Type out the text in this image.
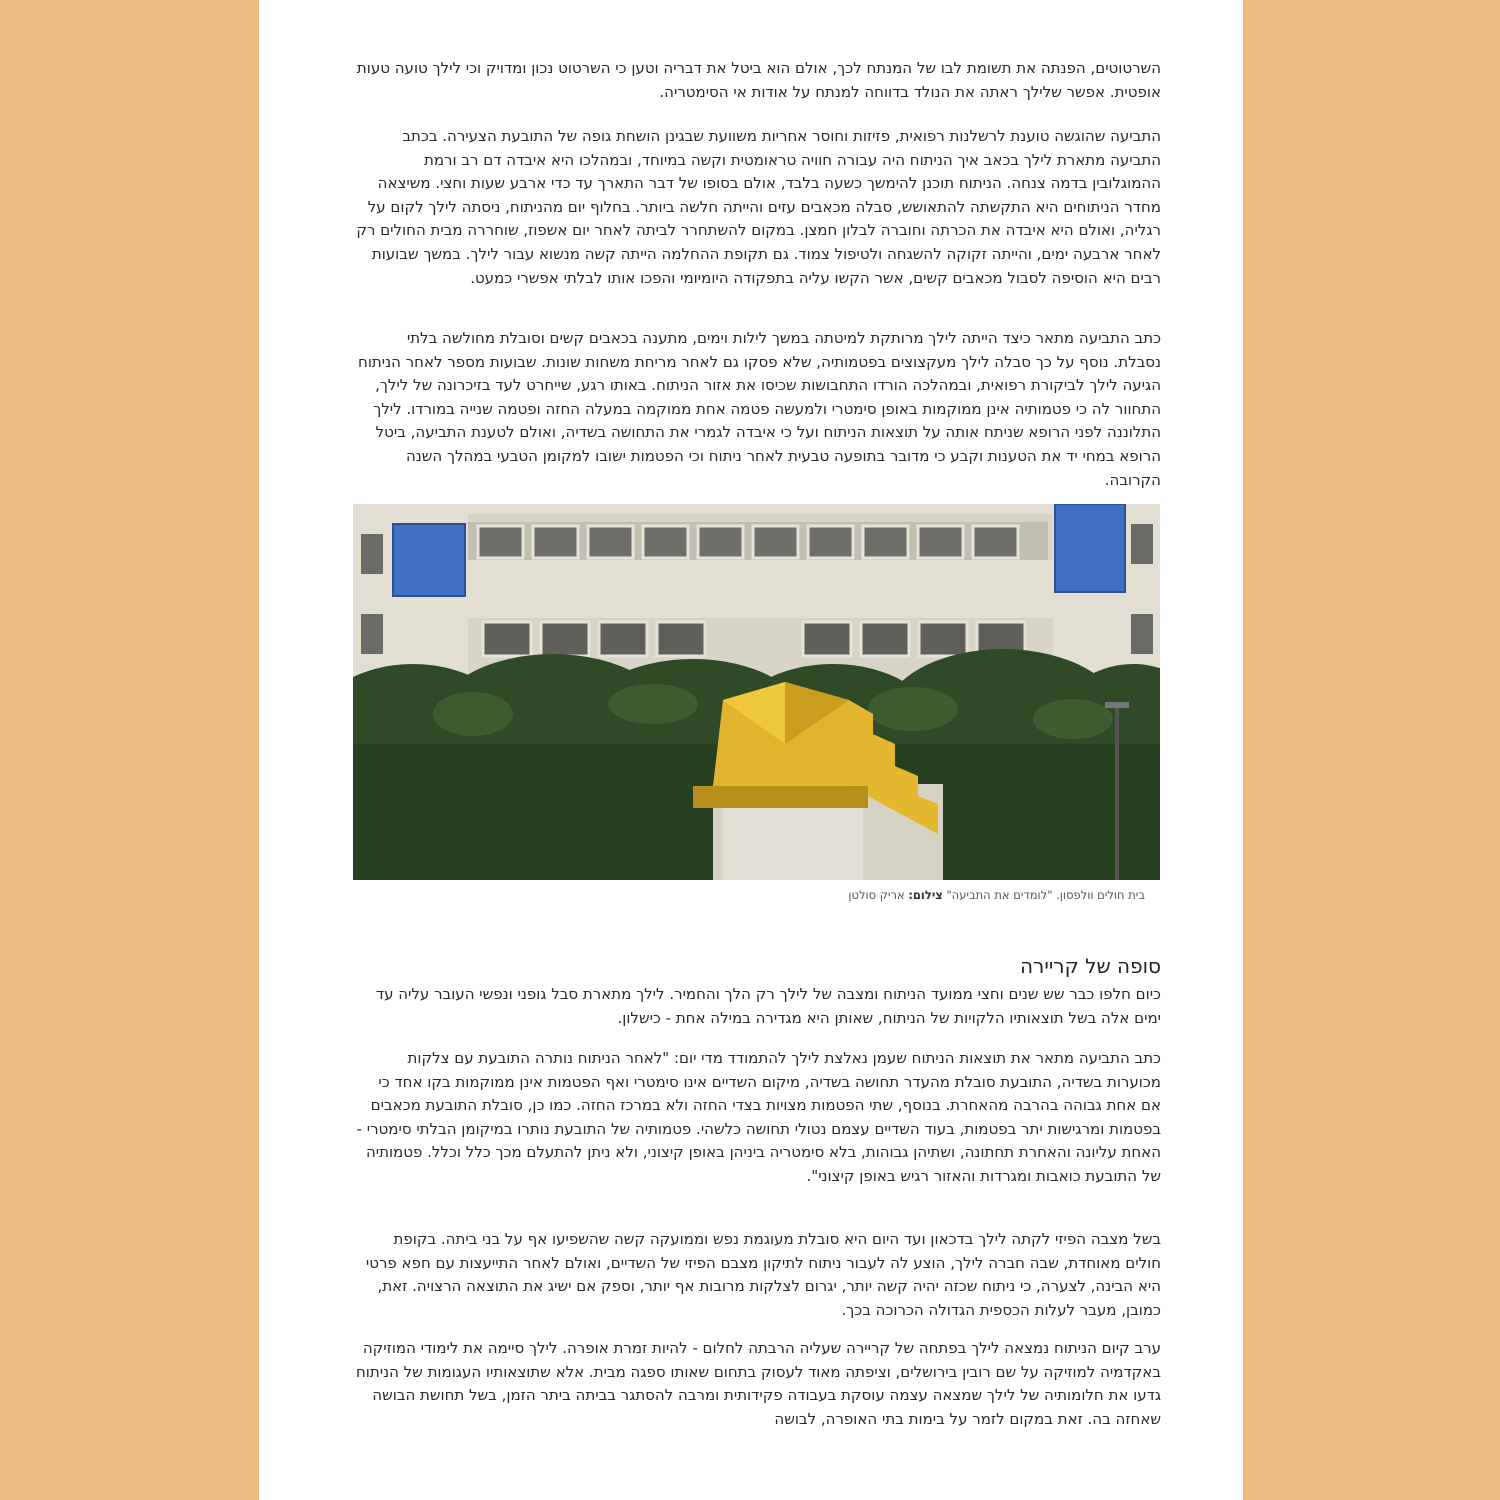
השרטוטים, הפנתה את תשומת לבו של המנתח לכך, אולם הוא ביטל את דבריה וטען כי השרטוט נכון ומדויק וכי לילך טועה טעות אופטית. אפשר שלילך ראתה את הנולד בדווחה למנתח על אודות אי הסימטריה.

התביעה שהוגשה טוענת לרשלנות רפואית, פזיזות וחוסר אחריות משוועת שבגינן הושחת גופה של התובעת הצעירה. בכתב התביעה מתארת לילך בכאב איך הניתוח היה עבורה חוויה טראומטית וקשה במיוחד, ובמהלכו היא איבדה דם רב ורמת ההמוגלובין בדמה צנחה. הניתוח תוכנן להימשך כשעה בלבד, אולם בסופו של דבר התארך עד כדי ארבע שעות וחצי. משיצאה מחדר הניתוחים היא התקשתה להתאושש, סבלה מכאבים עזים והייתה חלשה ביותר. בחלוף יום מהניתוח, ניסתה לילך לקום על רגליה, ואולם היא איבדה את הכרתה וחוברה לבלון חמצן. במקום להשתחרר לביתה לאחר יום אשפוז, שוחררה מבית החולים רק לאחר ארבעה ימים, והייתה זקוקה להשגחה ולטיפול צמוד. גם תקופת ההחלמה הייתה קשה מנשוא עבור לילך. במשך שבועות רבים היא הוסיפה לסבול מכאבים קשים, אשר הקשו עליה בתפקודה היומיומי והפכו אותו לבלתי אפשרי כמעט.

כתב התביעה מתאר כיצד הייתה לילך מרותקת למיטתה במשך לילות וימים, מתענה בכאבים קשים וסובלת מחולשה בלתי נסבלת. נוסף על כך סבלה לילך מעקצוצים בפטמותיה, שלא פסקו גם לאחר מריחת משחות שונות. שבועות מספר לאחר הניתוח הגיעה לילך לביקורת רפואית, ובמהלכה הורדו התחבושות שכיסו את אזור הניתוח. באותו רגע, שייחרט לעד בזיכרונה של לילך, התחוור לה כי פטמותיה אינן ממוקמות באופן סימטרי ולמעשה פטמה אחת ממוקמה במעלה החזה ופטמה שנייה במורדו. לילך התלוננה לפני הרופא שניתח אותה על תוצאות הניתוח ועל כי איבדה לגמרי את התחושה בשדיה, ואולם לטענת התביעה, ביטל הרופא במחי יד את הטענות וקבע כי מדובר בתופעה טבעית לאחר ניתוח וכי הפטמות ישובו למקומן הטבעי במהלך השנה הקרובה.

בית חולים וולפסון. "לומדים את התביעה" צילום: אריק סולטן

סופה של קריירה

כיום חלפו כבר שש שנים וחצי ממועד הניתוח ומצבה של לילך רק הלך והחמיר. לילך מתארת סבל גופני ונפשי העובר עליה עד ימים אלה בשל תוצאותיו הלקויות של הניתוח, שאותן היא מגדירה במילה אחת - כישלון.

כתב התביעה מתאר את תוצאות הניתוח שעמן נאלצת לילך להתמודד מדי יום: "לאחר הניתוח נותרה התובעת עם צלקות מכוערות בשדיה, התובעת סובלת מהעדר תחושה בשדיה, מיקום השדיים אינו סימטרי ואף הפטמות אינן ממוקמות בקו אחד כי אם אחת גבוהה בהרבה מהאחרת. בנוסף, שתי הפטמות מצויות בצדי החזה ולא במרכז החזה. כמו כן, סובלת התובעת מכאבים בפטמות ומרגישות יתר בפטמות, בעוד השדיים עצמם נטולי תחושה כלשהי. פטמותיה של התובעת נותרו במיקומן הבלתי סימטרי - האחת עליונה והאחרת תחתונה, ושתיהן גבוהות, בלא סימטריה ביניהן באופן קיצוני, ולא ניתן להתעלם מכך כלל וכלל. פטמותיה של התובעת כואבות ומגרדות והאזור רגיש באופן קיצוני".

בשל מצבה הפיזי לקתה לילך בדכאון ועד היום היא סובלת מעוגמת נפש וממועקה קשה שהשפיעו אף על בני ביתה. בקופת חולים מאוחדת, שבה חברה לילך, הוצע לה לעבור ניתוח לתיקון מצבם הפיזי של השדיים, ואולם לאחר התייעצות עם חפא פרטי היא הבינה, לצערה, כי ניתוח שכזה יהיה קשה יותר, יגרום לצלקות מרובות אף יותר, וספק אם ישיג את התוצאה הרצויה. זאת, כמובן, מעבר לעלות הכספית הגדולה הכרוכה בכך.

ערב קיום הניתוח נמצאה לילך בפתחה של קריירה שעליה הרבתה לחלום - להיות זמרת אופרה. לילך סיימה את לימודי המוזיקה באקדמיה למוזיקה על שם רובין בירושלים, וציפתה מאוד לעסוק בתחום שאותו ספגה מבית. אלא שתוצאותיו העגומות של הניתוח גדעו את חלומותיה של לילך שמצאה עצמה עוסקת בעבודה פקידותית ומרבה להסתגר בביתה ביתר הזמן, בשל תחושת הבושה שאחזה בה. זאת במקום לזמר על בימות בתי האופרה, לבושה
